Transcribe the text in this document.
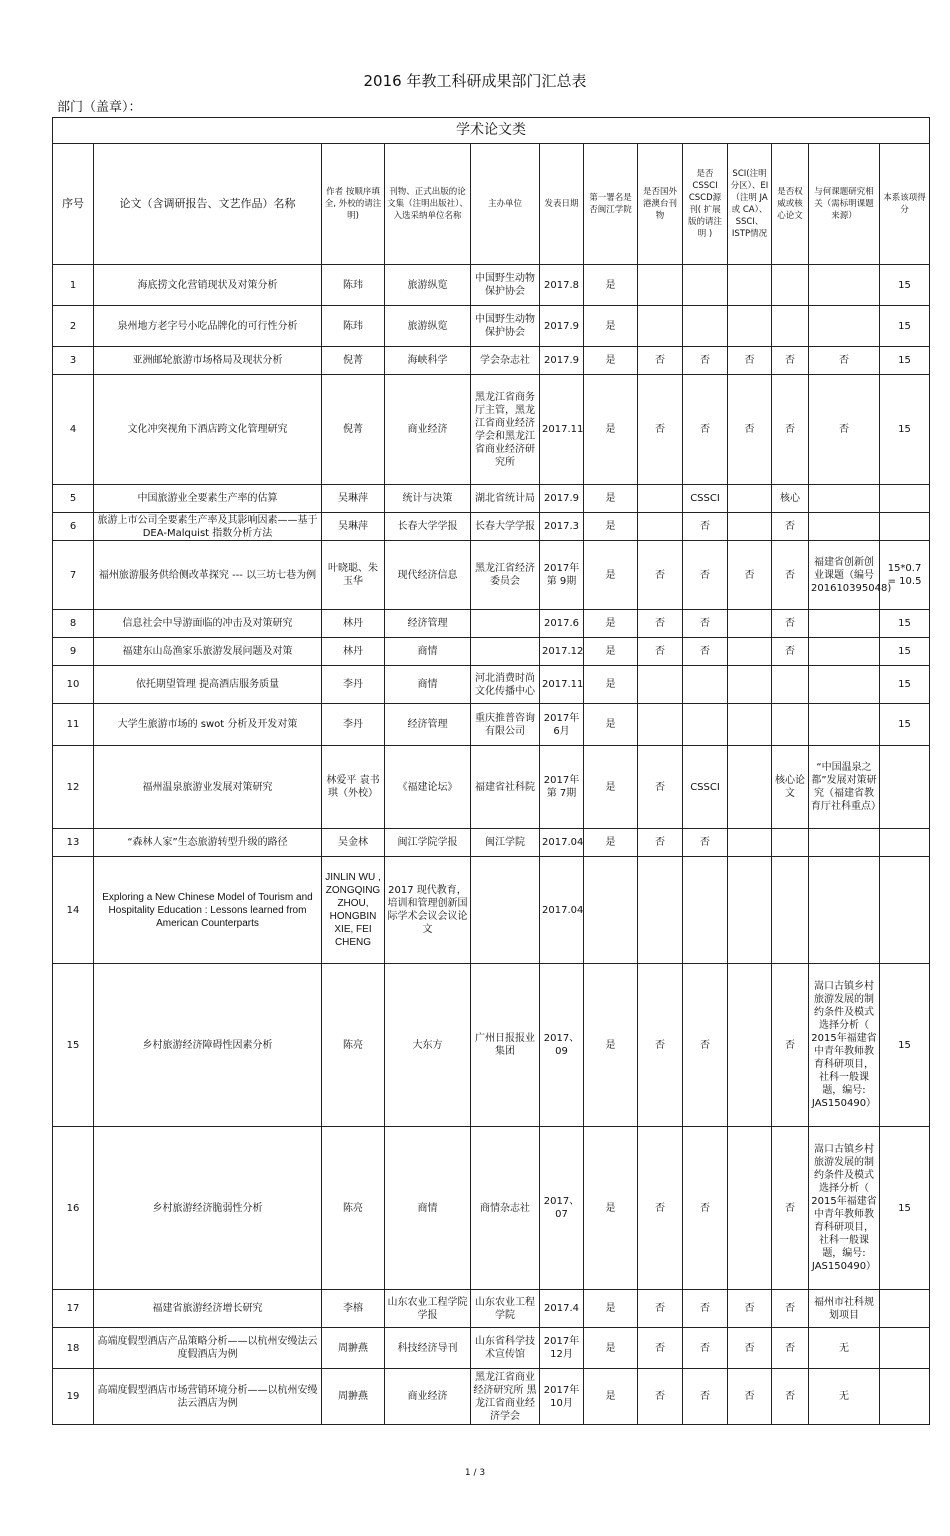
2016 年教工科研成果部门汇总表
部门（盖章）：
学术论文类												
序号	论文（含调研报告、文艺作品）名称	作者 按顺序填全, 外校的请注明)	刊物、正式出版的论文集（注明出版社）、入选采纳单位名称	主办单位	发表日期	第一署名是否闽江学院	是否国外港澳台刊物	是否 CSSCI CSCD源刊( 扩展版的请注明 )	SCI(注明分区）、EI（注明 JA或 CA）、SSCI、ISTP情况	是否权威或核心论文	与何课题研究相关（需标明课题来源）	本系该项得分
1	海底捞文化营销现状及对策分析	陈玮	旅游纵览	中国野生动物保护协会	2017.8	是						15
2	泉州地方老字号小吃品牌化的可行性分析	陈玮	旅游纵览	中国野生动物保护协会	2017.9	是						15
3	亚洲邮轮旅游市场格局及现状分析	倪菁	海峡科学	学会杂志社	2017.9	是	否	否	否	否	否	15
4	文化冲突视角下酒店跨文化管理研究	倪菁	商业经济	黑龙江省商务厅主管，黑龙江省商业经济学会和黑龙江省商业经济研究所	2017.11	是	否	否	否	否	否	15
5	中国旅游业全要素生产率的估算	吴琳萍	统计与决策	湖北省统计局	2017.9	是		CSSCI		核心		
6	旅游上市公司全要素生产率及其影响因素——基于 DEA-Malquist 指数分析方法	吴琳萍	长春大学学报	长春大学学报	2017.3	是		否		否		
7	福州旅游服务供给侧改革探究 --- 以三坊七巷为例	叶晓聪、朱玉华	现代经济信息	黑龙江省经济委员会	2017年第 9期	是	否	否	否	否	福建省创新创业课题（编号 201610395048)	15*0.7 = 10.5
8	信息社会中导游面临的冲击及对策研究	林丹	经济管理		2017.6	是	否	否		否		15
9	福建东山岛渔家乐旅游发展问题及对策	林丹	商情		2017.12	是	否	否		否		15
10	依托期望管理 提高酒店服务质量	李丹	商情	河北消费时尚文化传播中心	2017.11	是						15
11	大学生旅游市场的 swot 分析及开发对策	李丹	经济管理	重庆推普咨询有限公司	2017年 6月	是						15
12	福州温泉旅游业发展对策研究	林爱平 袁书琪（外校）	《福建论坛》	福建省社科院	2017年第 7期	是	否	CSSCI		核心论文	“中国温泉之都”发展对策研究（福建省教育厅社科重点）	
13	“森林人家”生态旅游转型升级的路径	吴金林	闽江学院学报	闽江学院	2017.04	是	否	否				
14	Exploring a New Chinese Model of Tourism and Hospitality Education : Lessons learned from American Counterparts	JINLIN WU , ZONGQING ZHOU, HONGBIN XIE, FEI CHENG	2017 现代教育，培训和管理创新国际学术会议会议论文		2017.04							
15	乡村旅游经济障碍性因素分析	陈亮	大东方	广州日报报业集团	2017、09	是	否	否		否	嵩口古镇乡村旅游发展的制约条件及模式选择分析（ 2015年福建省中青年教师教育科研项目，社科一般课题，编号: JAS150490）	15
16	乡村旅游经济脆弱性分析	陈亮	商情	商情杂志社	2017、07	是	否	否		否	嵩口古镇乡村旅游发展的制约条件及模式选择分析（ 2015年福建省中青年教师教育科研项目，社科一般课题，编号: JAS150490）	15
17	福建省旅游经济增长研究	李榕	山东农业工程学院学报	山东农业工程学院	2017.4	是	否	否	否	否	福州市社科规划项目	
18	高端度假型酒店产品策略分析——以杭州安缦法云度假酒店为例	周翀燕	科技经济导刊	山东省科学技术宣传馆	2017年 12月	是	否	否	否	否	无	
19	高端度假型酒店市场营销环境分析——以杭州安缦法云酒店为例	周翀燕	商业经济	黑龙江省商业经济研究所 黑龙江省商业经济学会	2017年 10月	是	否	否	否	否	无	
1 / 3
